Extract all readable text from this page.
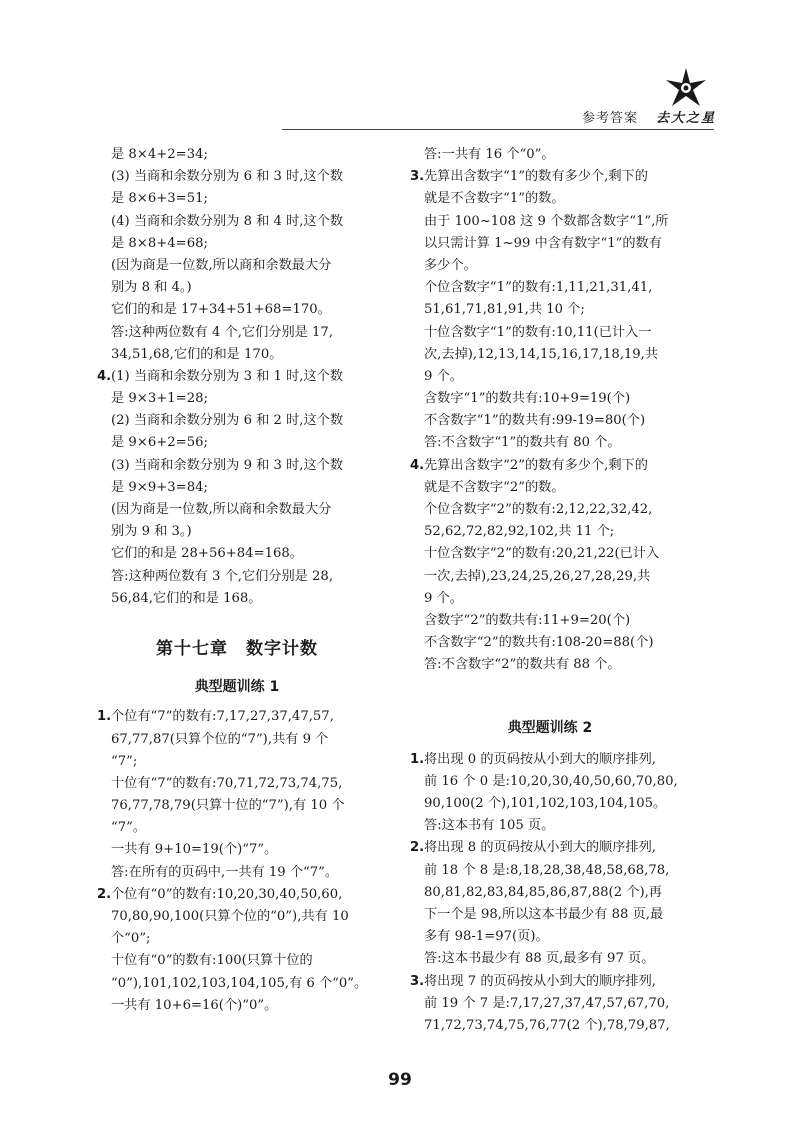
参考答案 去大之星
是 8×4+2=34;
(3) 当商和余数分别为 6 和 3 时,这个数
是 8×6+3=51;
(4) 当商和余数分别为 8 和 4 时,这个数
是 8×8+4=68;
(因为商是一位数,所以商和余数最大分
别为 8 和 4。)
它们的和是 17+34+51+68=170。
答:这种两位数有 4 个,它们分别是 17,
34,51,68,它们的和是 170。
4.(1) 当商和余数分别为 3 和 1 时,这个数
是 9×3+1=28;
(2) 当商和余数分别为 6 和 2 时,这个数
是 9×6+2=56;
(3) 当商和余数分别为 9 和 3 时,这个数
是 9×9+3=84;
(因为商是一位数,所以商和余数最大分
别为 9 和 3。)
它们的和是 28+56+84=168。
答:这种两位数有 3 个,它们分别是 28,
56,84,它们的和是 168。
第十七章　数字计数
典型题训练 1
1.个位有“7”的数有:7,17,27,37,47,57,
67,77,87(只算个位的“7”),共有 9 个
“7”;
十位有“7”的数有:70,71,72,73,74,75,
76,77,78,79(只算十位的“7”),有 10 个
“7”。
一共有 9+10=19(个)“7”。
答:在所有的页码中,一共有 19 个“7”。
2.个位有“0”的数有:10,20,30,40,50,60,
70,80,90,100(只算个位的“0”),共有 10
个“0”;
十位有“0”的数有:100(只算十位的
“0”),101,102,103,104,105,有 6 个“0”。
一共有 10+6=16(个)“0”。
答:一共有 16 个“0”。
3.先算出含数字“1”的数有多少个,剩下的
就是不含数字“1”的数。
由于 100~108 这 9 个数都含数字“1”,所
以只需计算 1~99 中含有数字“1”的数有
多少个。
个位含数字“1”的数有:1,11,21,31,41,
51,61,71,81,91,共 10 个;
十位含数字“1”的数有:10,11(已计入一
次,去掉),12,13,14,15,16,17,18,19,共
9 个。
含数字“1”的数共有:10+9=19(个)
不含数字“1”的数共有:99-19=80(个)
答:不含数字“1”的数共有 80 个。
4.先算出含数字“2”的数有多少个,剩下的
就是不含数字“2”的数。
个位含数字“2”的数有:2,12,22,32,42,
52,62,72,82,92,102,共 11 个;
十位含数字“2”的数有:20,21,22(已计入
一次,去掉),23,24,25,26,27,28,29,共
9 个。
含数字“2”的数共有:11+9=20(个)
不含数字“2”的数共有:108-20=88(个)
答:不含数字“2”的数共有 88 个。
典型题训练 2
1.将出现 0 的页码按从小到大的顺序排列,
前 16 个 0 是:10,20,30,40,50,60,70,80,
90,100(2 个),101,102,103,104,105。
答:这本书有 105 页。
2.将出现 8 的页码按从小到大的顺序排列,
前 18 个 8 是:8,18,28,38,48,58,68,78,
80,81,82,83,84,85,86,87,88(2 个),再
下一个是 98,所以这本书最少有 88 页,最
多有 98-1=97(页)。
答:这本书最少有 88 页,最多有 97 页。
3.将出现 7 的页码按从小到大的顺序排列,
前 19 个 7 是:7,17,27,37,47,57,67,70,
71,72,73,74,75,76,77(2 个),78,79,87,
99
